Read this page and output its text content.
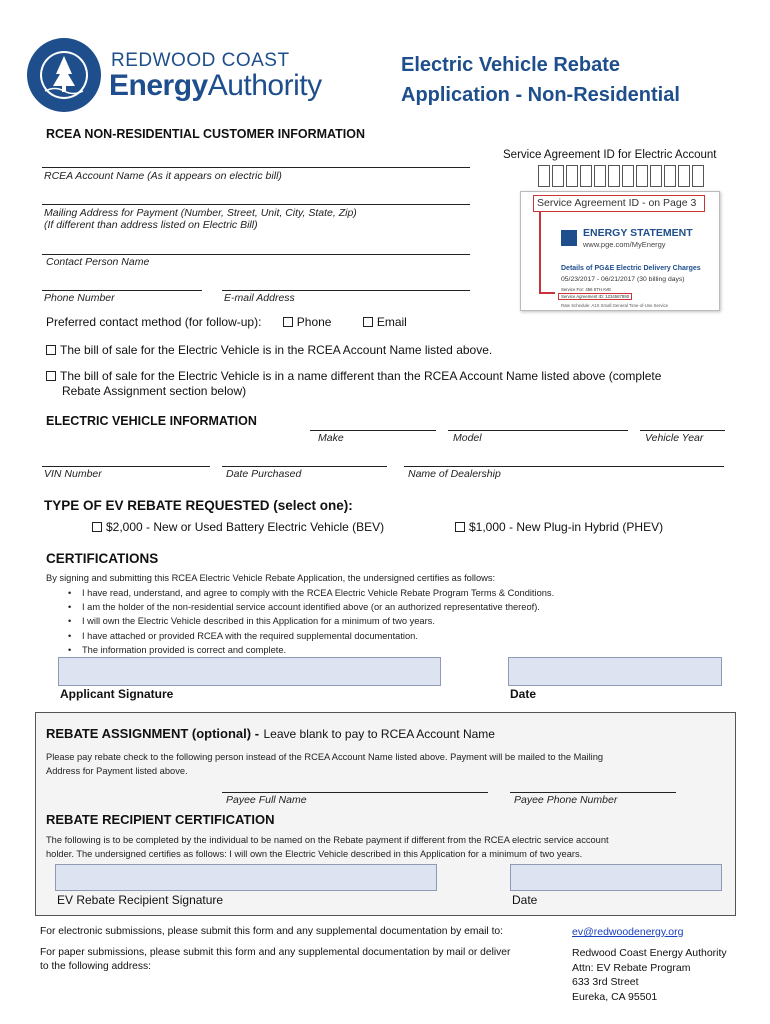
REDWOOD COAST
EnergyAuthority
Electric Vehicle Rebate
Application - Non-Residential
RCEA NON-RESIDENTIAL CUSTOMER INFORMATION
RCEA Account Name (As it appears on electric bill)
Mailing Address for Payment (Number, Street, Unit, City, State, Zip)
(If different than address listed on Electric Bill)
Contact Person Name
Phone Number	E-mail Address
Preferred contact method (for follow-up):	Phone	Email
Service Agreement ID for Electric Account
Service Agreement ID - on Page 3
ENERGY STATEMENT
www.pge.com/MyEnergy
Details of PG&E Electric Delivery Charges
05/23/2017 - 06/21/2017 (30 billing days)
Service For: 456 5TH AVE
Service Agreement ID: 1234567890
Rate Schedule: A1X Small General Time-of-Use Service
The bill of sale for the Electric Vehicle is in the RCEA Account Name listed above.
The bill of sale for the Electric Vehicle is in a name different than the RCEA Account Name listed above (complete
Rebate Assignment section below)
ELECTRIC VEHICLE INFORMATION
Make	Model	Vehicle Year
VIN Number	Date Purchased	Name of Dealership
TYPE OF EV REBATE REQUESTED (select one):
$2,000 - New or Used Battery Electric Vehicle (BEV)	$1,000 - New Plug-in Hybrid (PHEV)
CERTIFICATIONS
By signing and submitting this RCEA Electric Vehicle Rebate Application, the undersigned certifies as follows:
• I have read, understand, and agree to comply with the RCEA Electric Vehicle Rebate Program Terms & Conditions.
• I am the holder of the non-residential service account identified above (or an authorized representative thereof).
• I will own the Electric Vehicle described in this Application for a minimum of two years.
• I have attached or provided RCEA with the required supplemental documentation.
• The information provided is correct and complete.
Applicant Signature	Date
REBATE ASSIGNMENT (optional) - Leave blank to pay to RCEA Account Name
Please pay rebate check to the following person instead of the RCEA Account Name listed above. Payment will be mailed to the Mailing
Address for Payment listed above.
Payee Full Name	Payee Phone Number
REBATE RECIPIENT CERTIFICATION
The following is to be completed by the individual to be named on the Rebate payment if different from the RCEA electric service account
holder. The undersigned certifies as follows: I will own the Electric Vehicle described in this Application for a minimum of two years.
EV Rebate Recipient Signature	Date
For electronic submissions, please submit this form and any supplemental documentation by email to:	ev@redwoodenergy.org
For paper submissions, please submit this form and any supplemental documentation by mail or deliver
to the following address:
Redwood Coast Energy Authority
Attn: EV Rebate Program
633 3rd Street
Eureka, CA 95501
